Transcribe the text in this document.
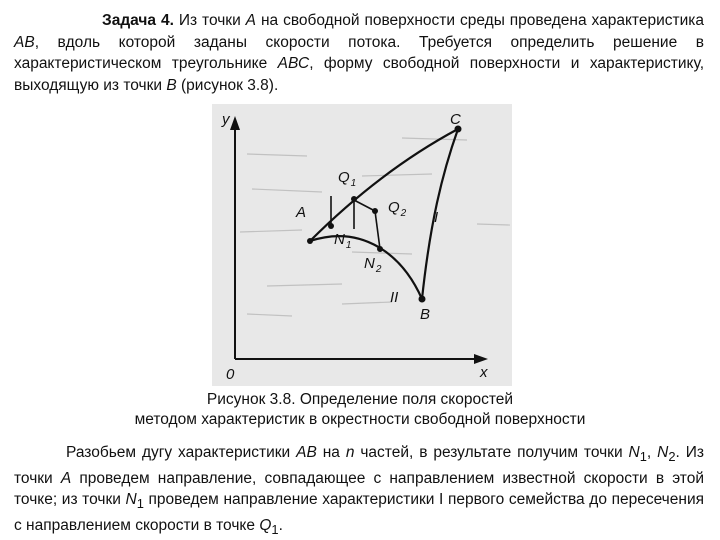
Задача 4. Из точки А на свободной поверхности среды проведена характеристика АВ, вдоль которой заданы скорости потока. Требуется определить решение в характеристическом треугольнике АВС, форму свободной поверхности и характеристику, выходящую из точки В (рисунок 3.8).

y
x
0
A
C
B
$Q_1$
$Q_2$
$N_1$
$N_2$
I
II
Рисунок 3.8. Определение поля скоростей
методом характеристик в окрестности свободной поверхности

Разобьем дугу характеристики АВ на n частей, в результате получим точки $N_1$, $N_2$. Из точки А проведем направление, совпадающее с направлением известной скорости в этой точке; из точки $N_1$ проведем направление характеристики I первого семейства до пересечения с направлением скорости в точке $Q_1$.
